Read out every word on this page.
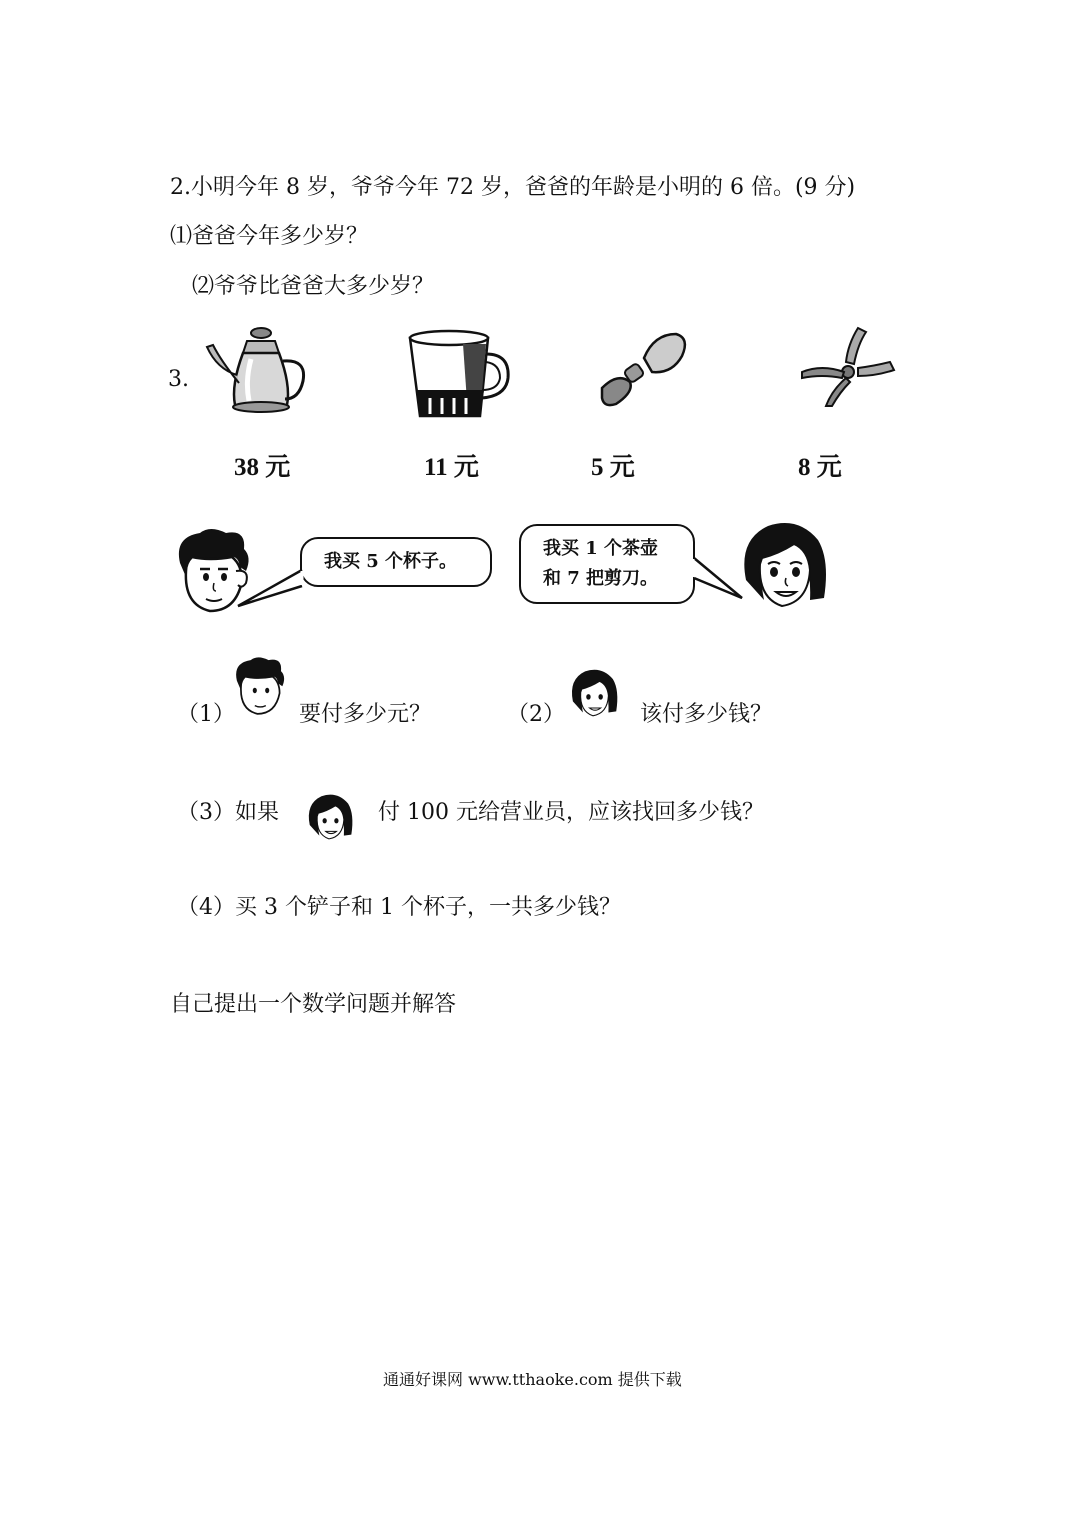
2.小明今年 8 岁，爷爷今年 72 岁，爸爸的年龄是小明的 6 倍。(9 分)
⑴爸爸今年多少岁？
⑵爷爷比爸爸大多少岁？
3.
38 元	11 元	5 元	8 元
我买 5 个杯子。
我买 1 个茶壶
和 7 把剪刀。
（1）	要付多少元？	（2）	该付多少钱？
（3）如果	付 100 元给营业员，应该找回多少钱？
（4）买 3 个铲子和 1 个杯子，一共多少钱？
自己提出一个数学问题并解答
通通好课网 www.tthaoke.com 提供下载
